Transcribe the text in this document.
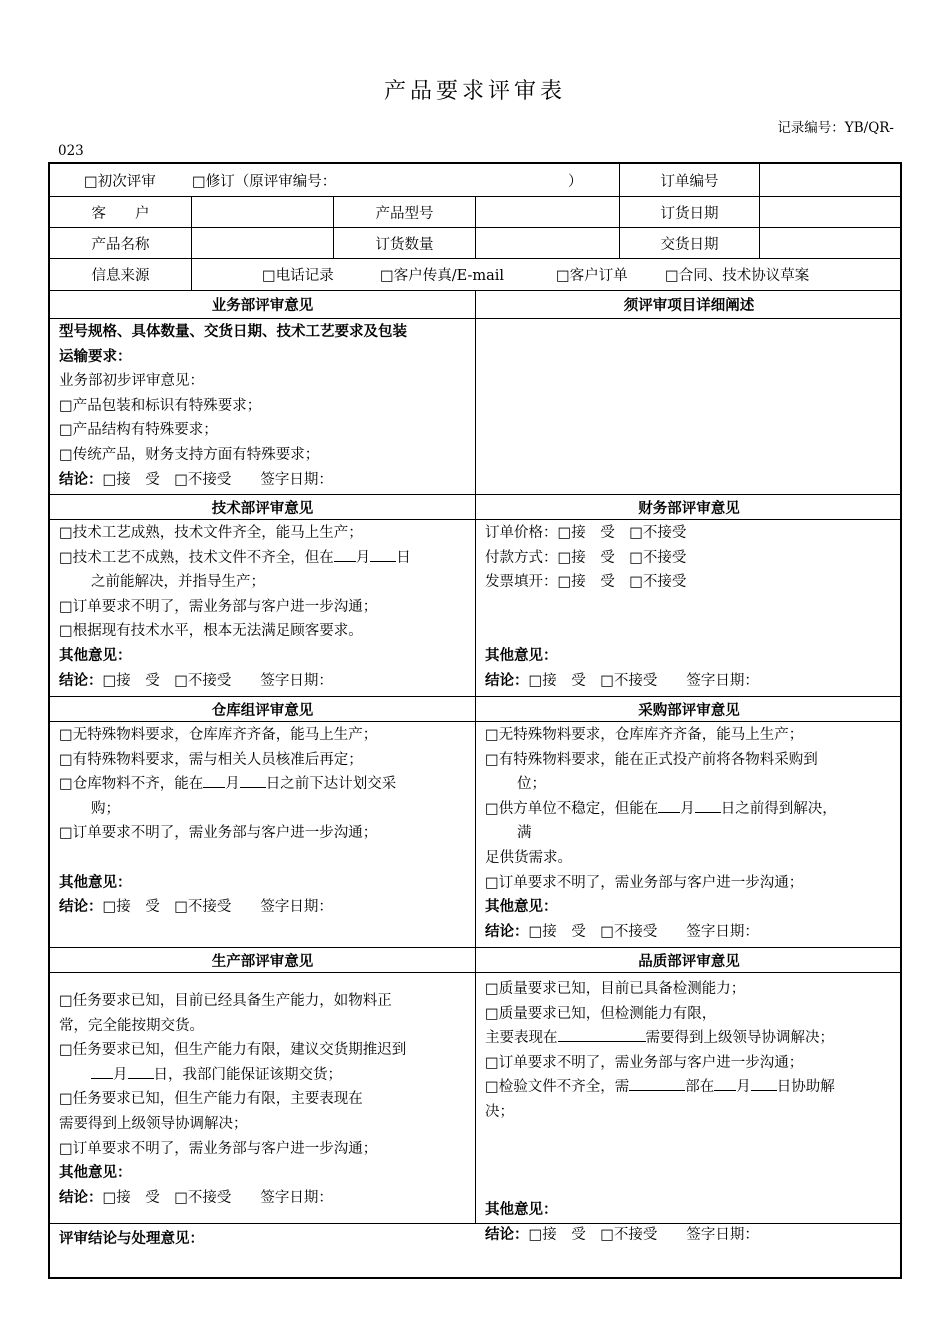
产品要求评审表
记录编号：YB/QR-
023
□初次评审	□修订（原评审编号：	）	订单编号
客　　户	产品型号	订货日期
产品名称	订货数量	交货日期
信息来源	□电话记录	□客户传真/E-mail	□客户订单	□合同、技术协议草案
业务部评审意见	须评审项目详细阐述
型号规格、具体数量、交货日期、技术工艺要求及包装
运输要求：
业务部初步评审意见：
□产品包装和标识有特殊要求；
□产品结构有特殊要求；
□传统产品，财务支持方面有特殊要求；
结论：□接　受　□不接受　　签字日期：
技术部评审意见	财务部评审意见
□技术工艺成熟，技术文件齐全，能马上生产；
□技术工艺不成熟，技术文件不齐全，但在 月 日
之前能解决，并指导生产；
□订单要求不明了，需业务部与客户进一步沟通；
□根据现有技术水平，根本无法满足顾客要求。
其他意见：
结论：□接　受　□不接受　　签字日期：
订单价格：□接　受　□不接受
付款方式：□接　受　□不接受
发票填开：□接　受　□不接受

其他意见：
结论：□接　受　□不接受　　签字日期：
仓库组评审意见	采购部评审意见
□无特殊物料要求，仓库库齐齐备，能马上生产；
□有特殊物料要求，需与相关人员核准后再定；
□仓库物料不齐，能在 月 日之前下达计划交采
购；
□订单要求不明了，需业务部与客户进一步沟通；

其他意见：
结论：□接　受　□不接受　　签字日期：
□无特殊物料要求，仓库库齐齐备，能马上生产；
□有特殊物料要求，能在正式投产前将各物料采购到
位；
□供方单位不稳定，但能在 月 日之前得到解决，
满
足供货需求。
□订单要求不明了，需业务部与客户进一步沟通；
其他意见：
结论：□接　受　□不接受　　签字日期：
生产部评审意见	品质部评审意见
□任务要求已知，目前已经具备生产能力，如物料正
常，完全能按期交货。
□任务要求已知，但生产能力有限，建议交货期推迟到
月 日，我部门能保证该期交货；
□任务要求已知，但生产能力有限，主要表现在
需要得到上级领导协调解决；
□订单要求不明了，需业务部与客户进一步沟通；
其他意见：
结论：□接　受　□不接受　　签字日期：
□质量要求已知，目前已具备检测能力；
□质量要求已知，但检测能力有限，
主要表现在	需要得到上级领导协调解决；
□订单要求不明了，需业务部与客户进一步沟通；
□检验文件不齐全，需	部在 月 日协助解
决；

其他意见：
结论：□接　受　□不接受　　签字日期：
评审结论与处理意见：
